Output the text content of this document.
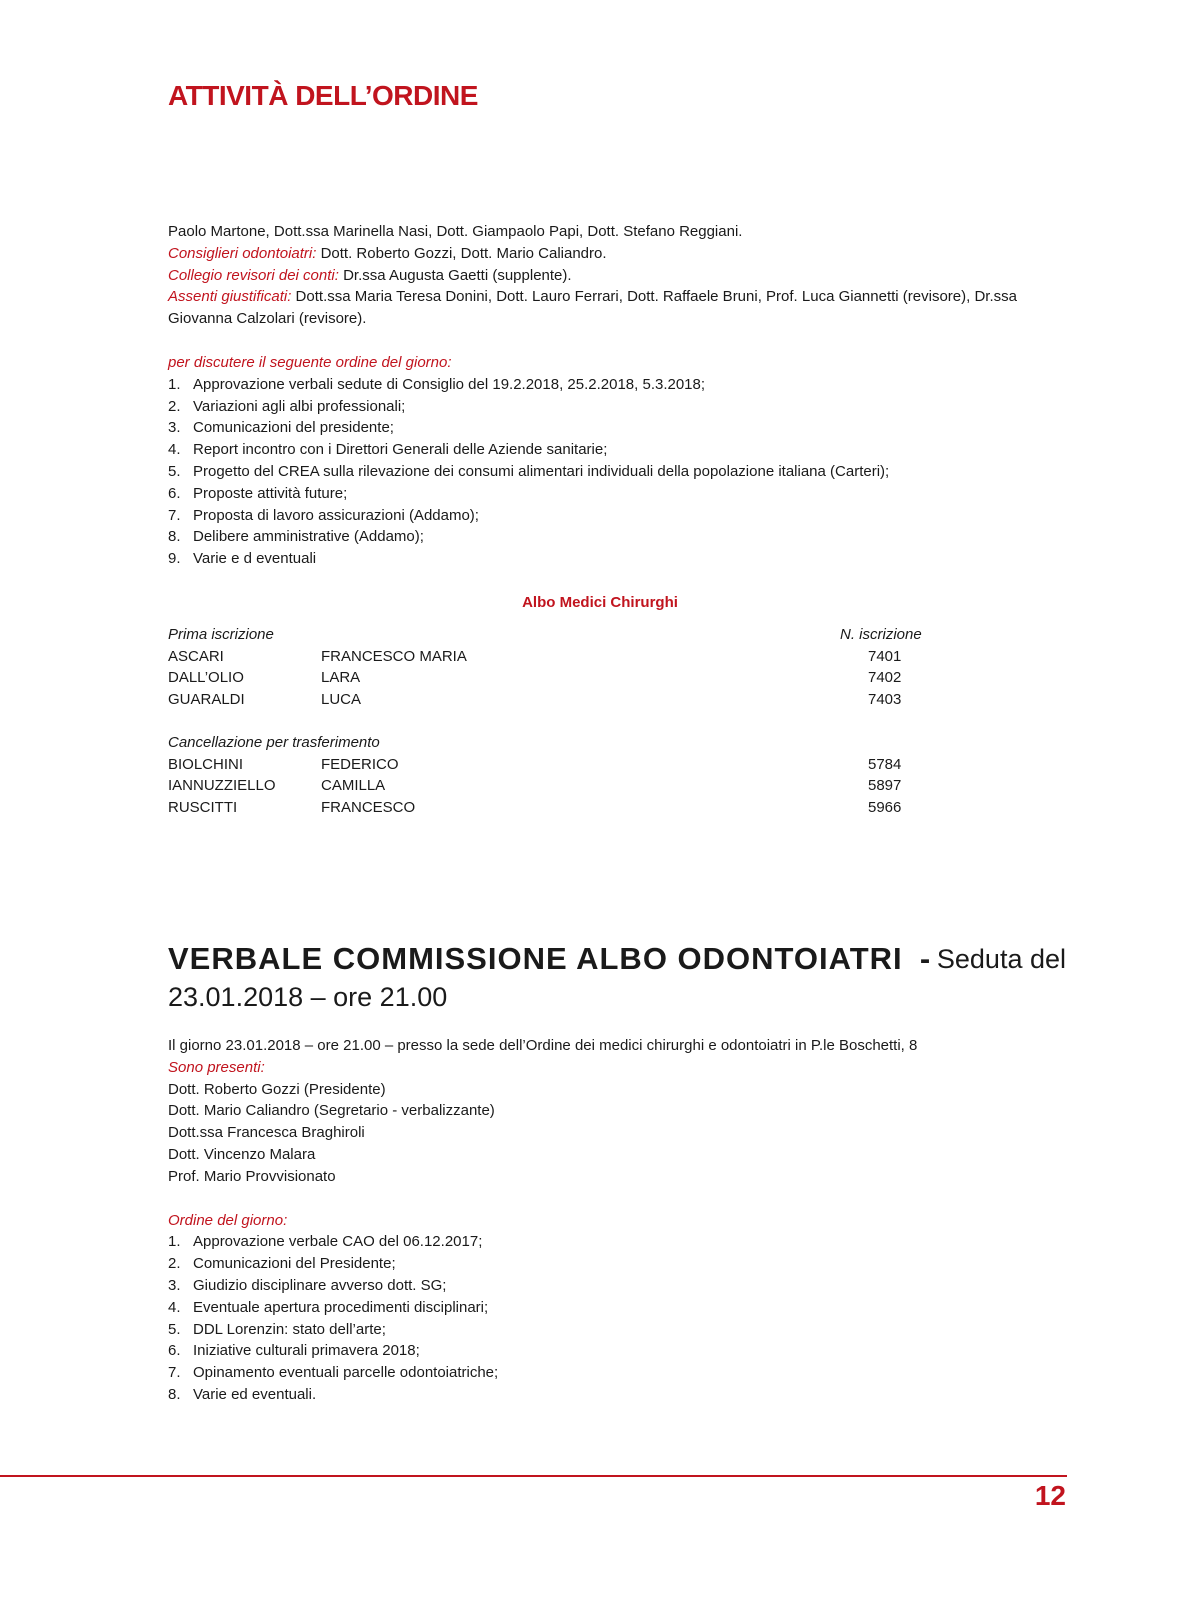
ATTIVITÀ DELL’ORDINE

Paolo Martone, Dott.ssa Marinella Nasi, Dott. Giampaolo Papi, Dott. Stefano Reggiani.

Consiglieri odontoiatri: Dott. Roberto Gozzi, Dott. Mario Caliandro.

Collegio revisori dei conti: Dr.ssa Augusta Gaetti (supplente).

Assenti giustificati: Dott.ssa Maria Teresa Donini, Dott. Lauro Ferrari, Dott. Raffaele Bruni, Prof. Luca Giannetti (revisore), Dr.ssa Giovanna Calzolari (revisore).

per discutere il seguente ordine del giorno:

1. Approvazione verbali sedute di Consiglio del 19.2.2018, 25.2.2018, 5.3.2018;
2. Variazioni agli albi professionali;
3. Comunicazioni del presidente;
4. Report incontro con i Direttori Generali delle Aziende sanitarie;
5. Progetto del CREA sulla rilevazione dei consumi alimentari individuali della popolazione italiana (Carteri);
6. Proposte attività future;
7. Proposta di lavoro assicurazioni (Addamo);
8. Delibere amministrative (Addamo);
9. Varie e d eventuali
Albo Medici Chirurghi
Prima iscrizione	N. iscrizione
ASCARI	FRANCESCO MARIA	7401
DALL’OLIO	LARA	7402
GUARALDI	LUCA	7403
Cancellazione per trasferimento
BIOLCHINI	FEDERICO	5784
IANNUZZIELLO	CAMILLA	5897
RUSCITTI	FRANCESCO	5966
VERBALE COMMISSIONE ALBO ODONTOIATRI - Seduta del
23.01.2018 – ore 21.00

Il giorno 23.01.2018 – ore 21.00 – presso la sede dell’Ordine dei medici chirurghi e odontoiatri in P.le Boschetti, 8

Sono presenti:

Dott. Roberto Gozzi (Presidente)

Dott. Mario Caliandro (Segretario - verbalizzante)

Dott.ssa Francesca Braghiroli

Dott. Vincenzo Malara

Prof. Mario Provvisionato

Ordine del giorno:

1. Approvazione verbale CAO del 06.12.2017;
2. Comunicazioni del Presidente;
3. Giudizio disciplinare avverso dott. SG;
4. Eventuale apertura procedimenti disciplinari;
5. DDL Lorenzin: stato dell’arte;
6. Iniziative culturali primavera 2018;
7. Opinamento eventuali parcelle odontoiatriche;
8. Varie ed eventuali.
12
